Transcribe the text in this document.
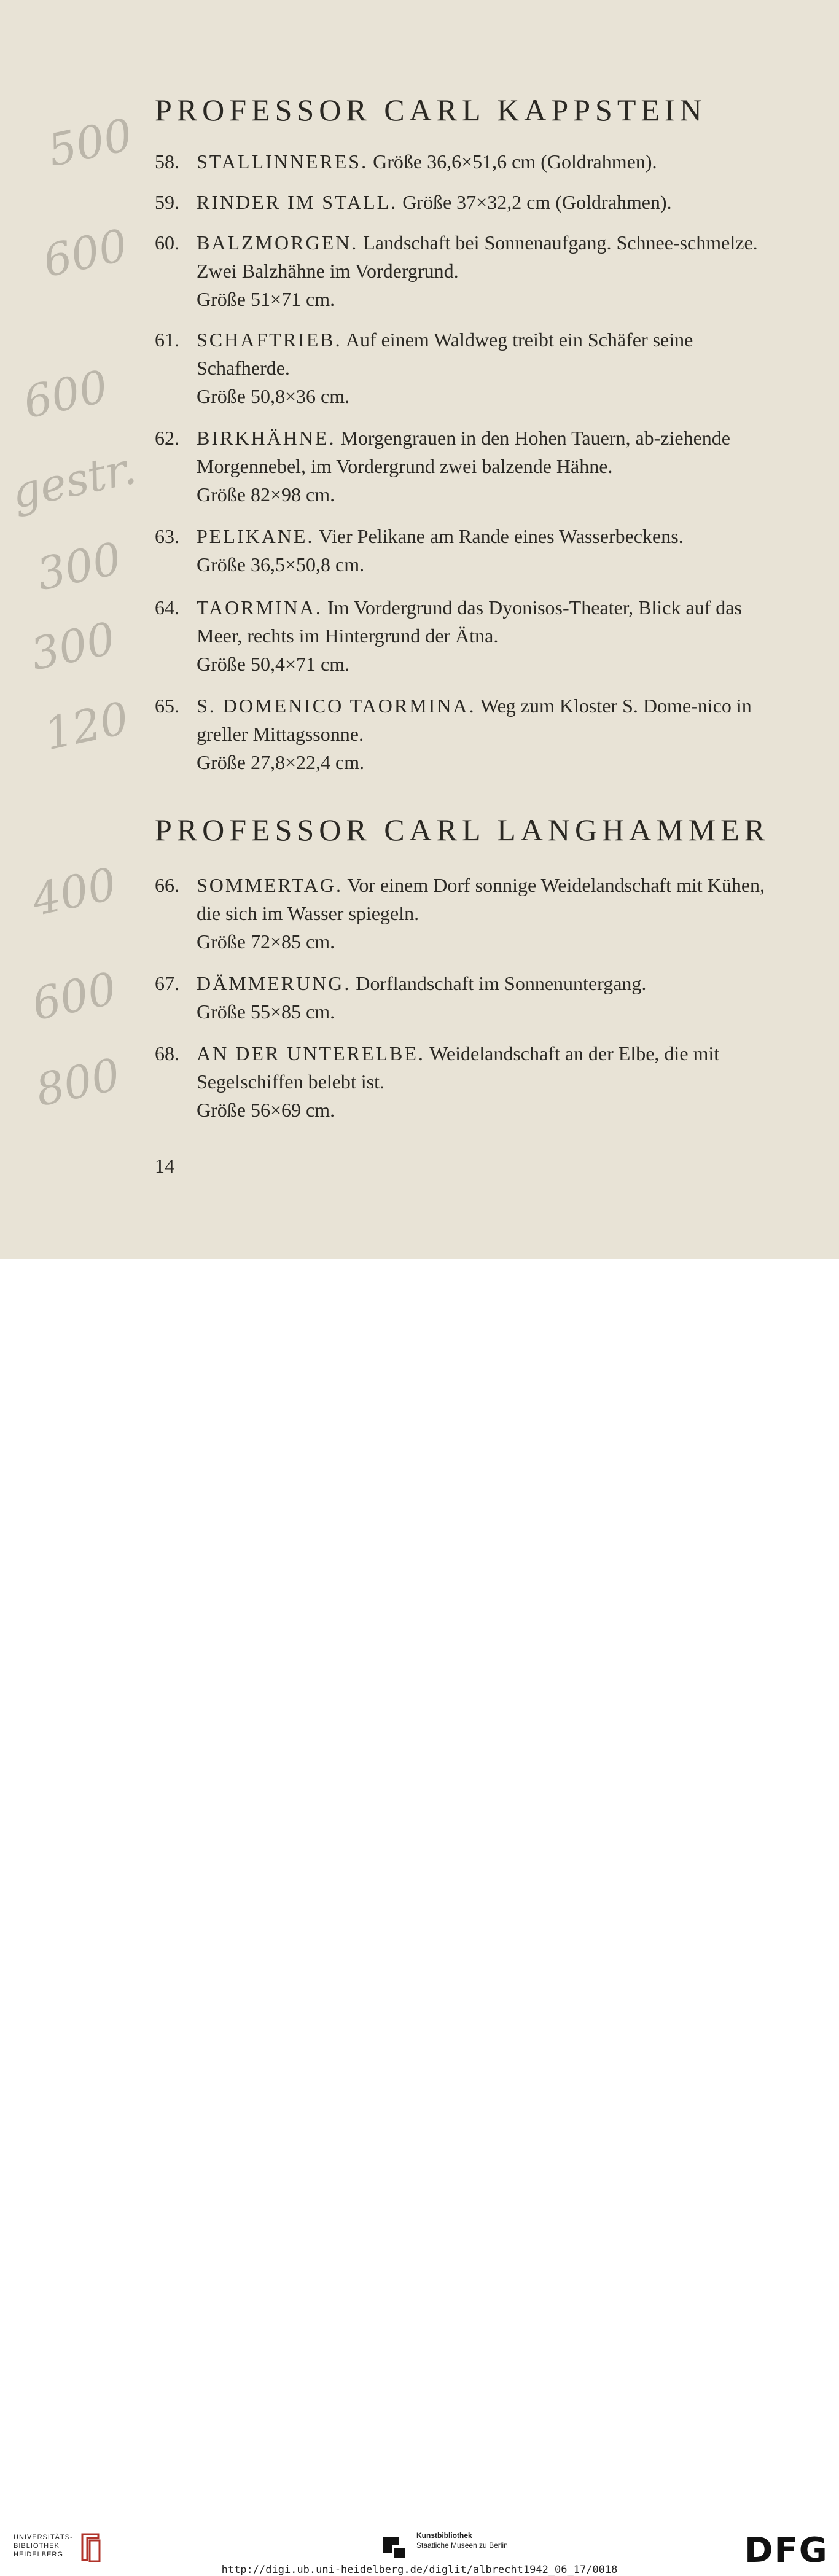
PROFESSOR CARL KAPPSTEIN
58. STALLINNERES. Größe 36,6×51,6 cm (Goldrahmen).
59. RINDER IM STALL. Größe 37×32,2 cm (Goldrahmen).
60. BALZMORGEN. Landschaft bei Sonnenaufgang. Schnee-schmelze. Zwei Balzhähne im Vordergrund.
Größe 51×71 cm.
61. SCHAFTRIEB. Auf einem Waldweg treibt ein Schäfer seine Schafherde.
Größe 50,8×36 cm.
62. BIRKHÄHNE. Morgengrauen in den Hohen Tauern, ab-ziehende Morgennebel, im Vordergrund zwei balzende Hähne.
Größe 82×98 cm.
63. PELIKANE. Vier Pelikane am Rande eines Wasserbeckens.
Größe 36,5×50,8 cm.
64. TAORMINA. Im Vordergrund das Dyonisos-Theater, Blick auf das Meer, rechts im Hintergrund der Ätna.
Größe 50,4×71 cm.
65. S. DOMENICO TAORMINA. Weg zum Kloster S. Dome-nico in greller Mittagssonne.
Größe 27,8×22,4 cm.
PROFESSOR CARL LANGHAMMER
66. SOMMERTAG. Vor einem Dorf sonnige Weidelandschaft mit Kühen, die sich im Wasser spiegeln.
Größe 72×85 cm.
67. DÄMMERUNG. Dorflandschaft im Sonnenuntergang.
Größe 55×85 cm.
68. AN DER UNTERELBE. Weidelandschaft an der Elbe, die mit Segelschiffen belebt ist.
Größe 56×69 cm.
14
500
600
600
gestr.
300
300
120
400
600
800
UNIVERSITÄTS-
BIBLIOTHEK
HEIDELBERG
Kunstbibliothek
Staatliche Museen zu Berlin	DFG
http://digi.ub.uni-heidelberg.de/diglit/albrecht1942_06_17/0018
